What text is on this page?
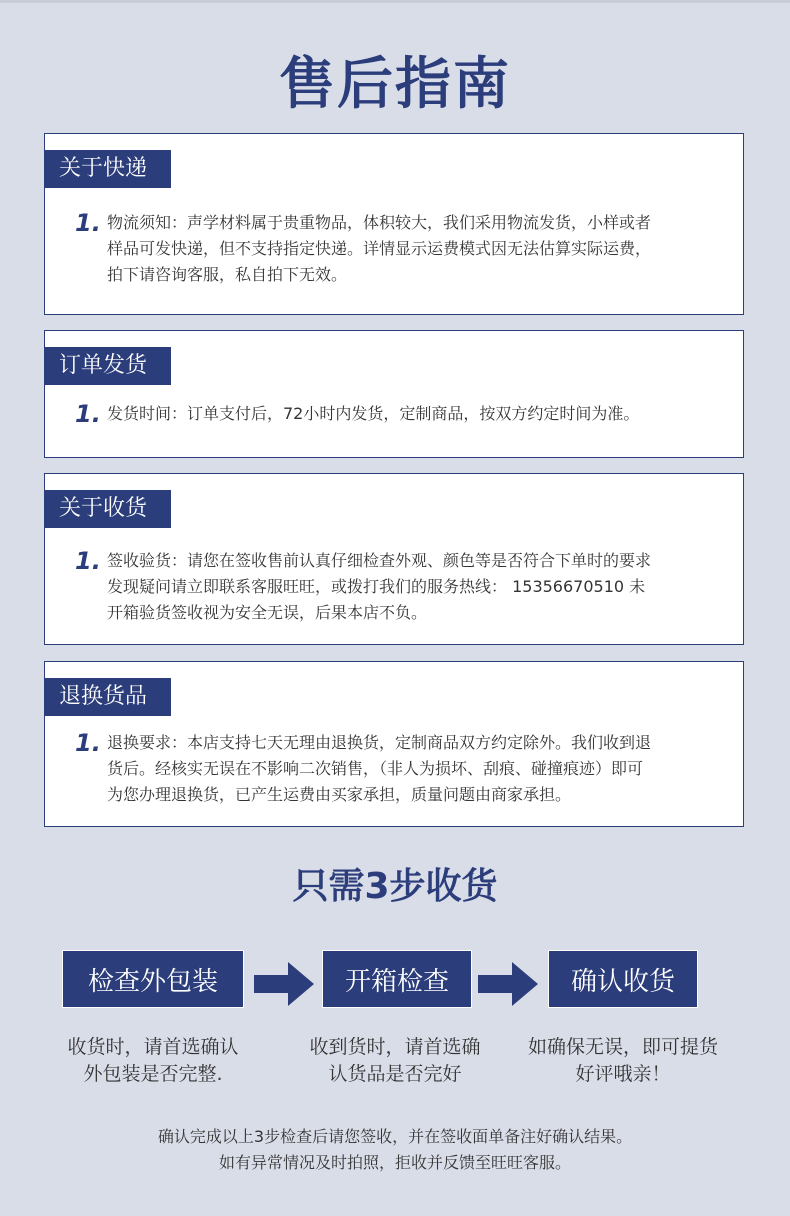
售后指南
关于快递
1. 物流须知：声学材料属于贵重物品，体积较大，我们采用物流发货，小样或者
样品可发快递，但不支持指定快递。详情显示运费模式因无法估算实际运费，
拍下请咨询客服，私自拍下无效。
订单发货
1. 发货时间：订单支付后，72小时内发货，定制商品，按双方约定时间为准。
关于收货
1. 签收验货：请您在签收售前认真仔细检查外观、颜色等是否符合下单时的要求
发现疑问请立即联系客服旺旺，或拨打我们的服务热线： 15356670510 未
开箱验货签收视为安全无误，后果本店不负。
退换货品
1. 退换要求：本店支持七天无理由退换货，定制商品双方约定除外。我们收到退
货后。经核实无误在不影响二次销售，（非人为损坏、刮痕、碰撞痕迹）即可
为您办理退换货，已产生运费由买家承担，质量问题由商家承担。
只需3步收货
检查外包装	开箱检查	确认收货
收货时，请首选确认
外包装是否完整.
收到货时，请首选确
认货品是否完好
如确保无误，即可提货
好评哦亲！
确认完成以上3步检查后请您签收，并在签收面单备注好确认结果。
如有异常情况及时拍照，拒收并反馈至旺旺客服。
